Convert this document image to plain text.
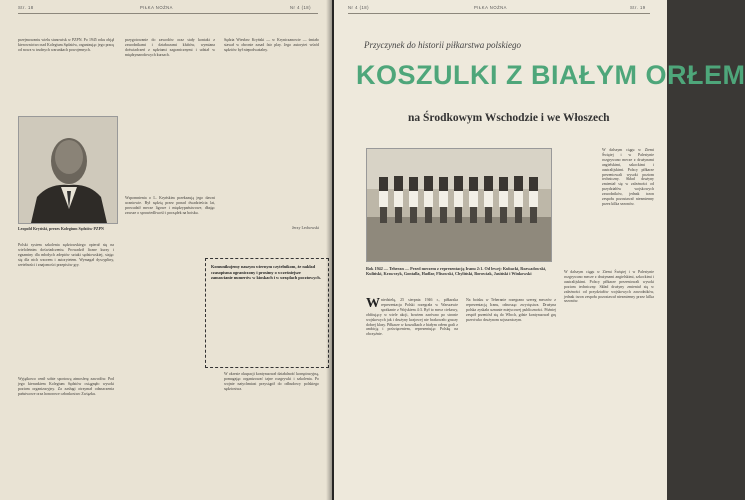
Str. 18	PIŁKA NOŻNA	Nr 4 (18)
przejmowaniu wielu stanowisk w PZPN. Po 1945 roku objął kierownictwo nad Kolegium Sędziów, organizując jego pracę od nowa w trudnych warunkach powojennych.
Leopold Kryński, prezes Kolegium Sędziów PZPN
Polski system szkolenia sędziowskiego opierał się na wieloletnim doświadczeniu. Prowadził liczne kursy i egzaminy dla młodych adeptów sztuki sędziowskiej, stając się dla nich wzorem i autorytetem. Wymagał dyscypliny, rzetelności i znajomości przepisów gry.
Wyjątkowo cenił sobie sportową atmosferę zawodów. Pod jego kierunkiem Kolegium Sędziów osiągnęło wysoki poziom organizacyjny. Za zasługi otrzymał odznaczenia państwowe oraz honorowe członkostwo Związku.
przygotowanie do zawodów oraz stały kontakt z zawodnikami i działaczami klubów, wymiana doświadczeń z sędziami zagranicznymi i udział w międzynarodowych kursach.
Wspomnienia o L. Kryńskim przekazują jego dawni uczniowie. Był sędzią przez ponad dwadzieścia lat, prowadził mecze ligowe i międzypaństwowe, dbając zawsze o sprawiedliwość i porządek na boisku.
Sędzia Wiesław Kryński — w Kryniczanowie — śmiało stawał w obronie zasad fair play. Jego autorytet wśród sędziów był niepodważalny.
Jerzy Lechowski
Komunikujemy naszym wiernym czytelnikom, że nakład czasopisma ograniczony i prosimy o wcześniejsze zamawianie numerów w kioskach i w urzędach pocztowych.
W okresie okupacji kontynuował działalność konspiracyjną, pomagając organizować tajne rozgrywki i szkolenia. Po wojnie natychmiast przystąpił do odbudowy polskiego sędziostwa.
Nr 4 (18)	PIŁKA NOŻNA	Str. 19
Przyczynek do historii piłkarstwa polskiego
KOSZULKI Z BIAŁYM ORŁEM
na Środkowym Wschodzie i we Włoszech
W dalszym ciągu w Ziemi Świętej i w Palestynie rozgrywano mecze z drużynami angielskimi, szkockimi i australijskimi. Polscy piłkarze prezentowali wysoki poziom techniczny. Skład drużyny zmieniał się w zależności od przydziałów wojskowych zawodników, jednak trzon zespołu pozostawał niezmienny przez kilka sezonów.
Rok 1942 — Teheran — Przed meczem z reprezentacją Iranu 2:1. Od lewej: Kubacki, Rozwadowski, Kuliński, Krawczyk, Gontalla, Hadlar, Flisowski, Chyliński, Borowiak, Jasiński i Winkowski
W niedzielę, 25 sierpnia 1946 r., piłkarska reprezentacja Polski rozegrała w Warszawie spotkanie z Wojskiem 4:3. Był to mecz ciekawy, obfitujący w wiele akcji, bowiem zarówno po stronie wojskowych jak i drużyny krajowej nie brakowało graczy dobrej klasy. Piłkarze w koszulkach z białym orłem grali z ambicją i poświęceniem, reprezentując Polskę na obczyźnie.
Na boisku w Teheranie rozegrano szereg meczów z reprezentacją Iranu, odnosząc zwycięstwa. Drużyna polska zyskała uznanie miejscowej publiczności. Później zespół przeniósł się do Włoch, gdzie kontynuował grę przeciwko drużynom sojuszniczym.
W dalszym ciągu w Ziemi Świętej i w Palestynie rozgrywano mecze z drużynami angielskimi, szkockimi i australijskimi. Polscy piłkarze prezentowali wysoki poziom techniczny. Skład drużyny zmieniał się w zależności od przydziałów wojskowych zawodników, jednak trzon zespołu pozostawał niezmienny przez kilka sezonów.
